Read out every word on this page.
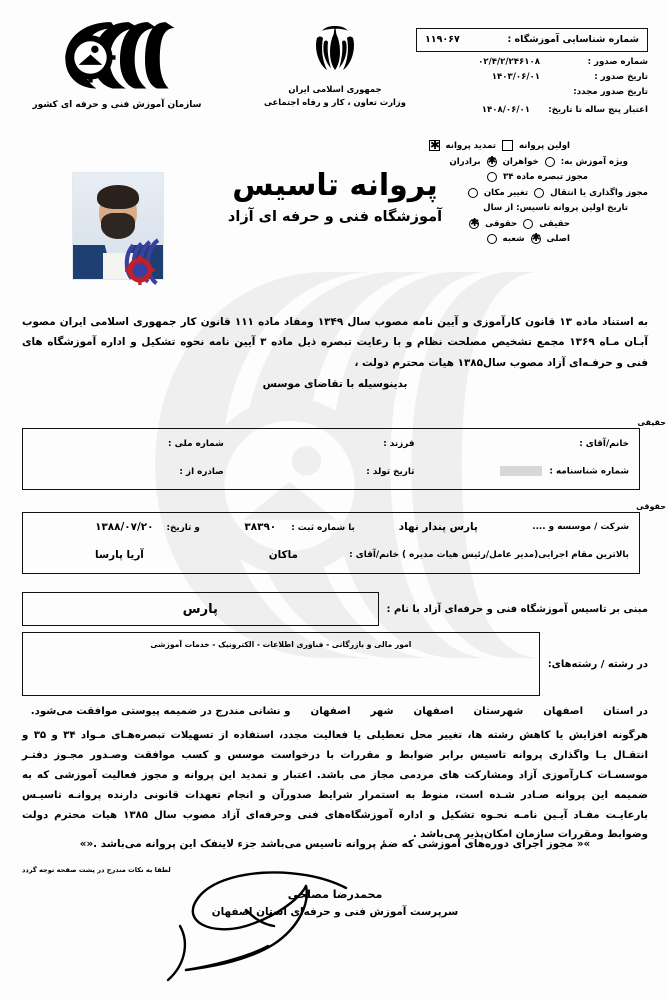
شماره شناسایی آموزشگاه :
۱۱۹۰۶۷
شماره صدور :
۰۲/۴/۲/۲۴۶۱۰۸
تاریخ صدور :
۱۴۰۳/۰۶/۰۱
تاریخ صدور مجدد:
اعتبار پنج ساله تا تاریخ:
۱۴۰۸/۰۶/۰۱
جمهوری اسلامی ایران
وزارت تعاون ، کار و رفاه اجتماعی
سازمان آموزش فنی و حرفه ای کشور
اولین پروانه
تمدید پروانه
✱
ویژه آموزش به:
خواهران
✱
برادران
مجوز تبصره ماده ۳۴
مجوز واگذاری یا انتقال
تغییر مکان
تاریخ اولین پروانه تاسیس: از سال
حقیقی
حقوقی
✱
اصلی
✱
شعبه
پروانه تاسیس
آموزشگاه فنی و حرفه ای آزاد
به استناد ماده ۱۳ قانون کارآموزی و آیین نامه مصوب سال ۱۳۴۹ ومفاد ماده ۱۱۱ قانون کار جمهوری اسلامی ایران مصوب آبـان مـاه ۱۳۶۹ مجمع تشخیص مصلحت نظام و با رعایت تبصره ذیل ماده ۳ آیین نامه نحوه تشکیل و اداره آموزشگاه های فنی و حرفـه‌ای آزاد مصوب سال۱۳۸۵ هیات محترم دولت ،
بدینوسیله با تقاضای موسس
حقیقی
خانم/آقای :
فرزند :
شماره ملی :
شماره شناسنامه :
تاریخ تولد :
صادره از :
حقوقی
شرکت / موسسه و ....
پارس پندار نهاد
با شماره ثبت : ۳۸۳۹۰
و تاریخ: ۱۳۸۸/۰۷/۲۰
بالاترین مقام اجرایی(مدیر عامل/رئیس هیات مدیره ) خانم/آقای :
ماکان
آریا پارسا
مبنی بر تاسیس آموزشگاه فنی و حرفه‌ای آزاد با نام :
پارس
در رشته / رشته‌های:
امور مالی و بازرگانی - فناوری اطلاعات - الکترونیک - خدمات آموزشی
در استان
اصفهان
شهرستان
اصفهان
شهر
اصفهان
و نشانی مندرج در ضمیمه پیوستی موافقت می‌شود.
هرگونه افزایش یا کاهش رشته ها، تغییر محل تعطیلی یا فعالیت مجدد، استفاده از تسهیلات تبصره‌هـای مـواد ۳۴ و ۳۵ و انتقـال یـا واگذاری پروانه تاسیس برابر ضوابط و مقررات با درخواست موسس و کسب موافقت وصـدور مجـوز دفتـر موسسـات کـارآموزی آزاد ومشارکت های مردمی مجاز می باشد. اعتبار و تمدید این پروانه و مجوز فعالیت آموزشی که به ضمیمه این پروانه صـادر شـده است، منوط به استمرار شرایط صدورآن و انجام تعهدات قانونی دارنده پروانـه تاسیـس بارعایـت مفـاد آیـین نامـه نحـوه تشکیل و اداره آموزشگاه‌های فنی وحرفه‌ای آزاد مصوب سال ۱۳۸۵ هیات محترم دولت وضوابط ومقررات سازمان امکان‌پذیر می‌باشد .
»« مجوز اجرای دوره‌های آموزشی که ضمٔ پروانه تاسیس می‌باشد جزء لاینفک این پروانه می‌باشد .«»
لطفا به نکات مندرج در پشت صفحه توجه گردد
محمدرضا مصلحی
سرپرست آموزش فنی و حرفه‌ای استان اصفهان
